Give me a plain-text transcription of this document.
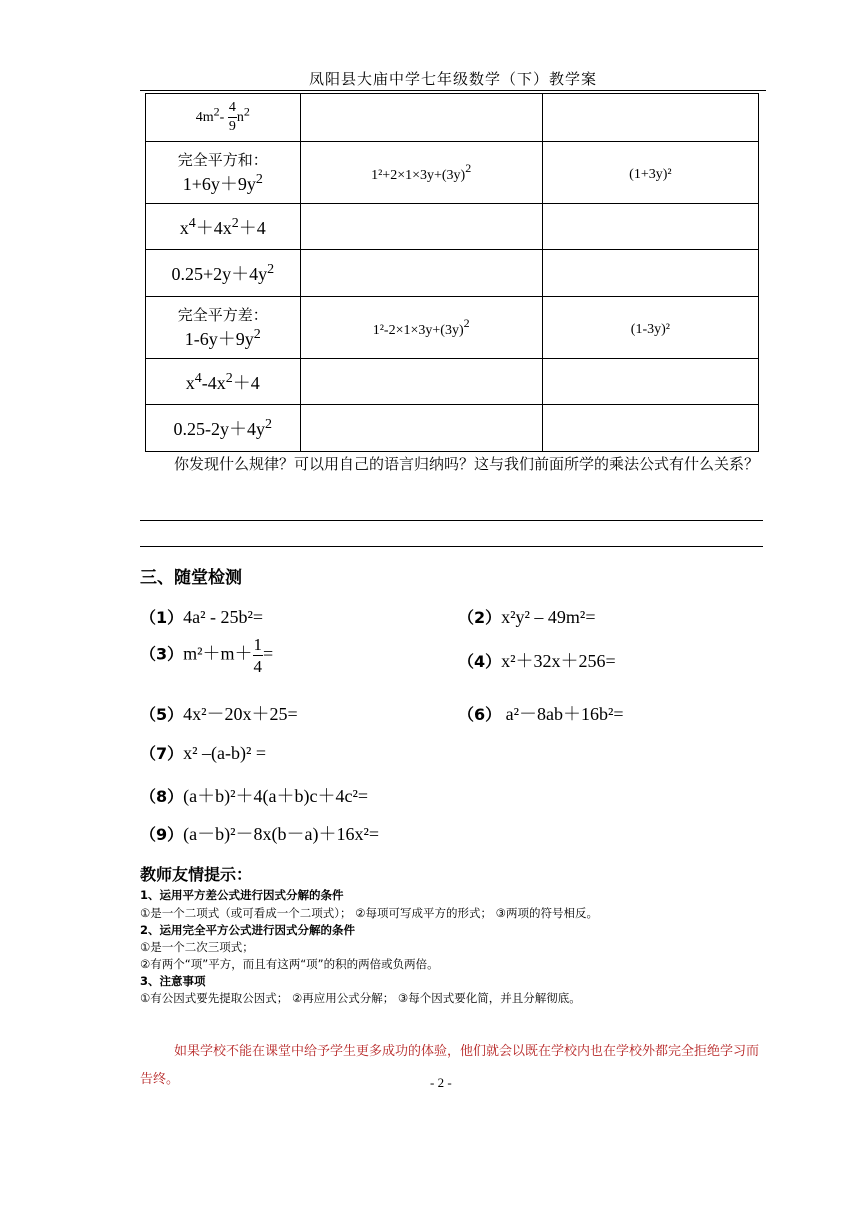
凤阳县大庙中学七年级数学（下）教学案
$4m^2- \frac{4}{9} n^2$		

完全平方和：
$1+6y+9y^2$	$1^2+2\times 1\times 3y+(3y)^2$	(1+3y)²
$x^4+4x^2+4$		
$0.25+2y+4y^2$		

完全平方差：
$1-6y+9y^2$	$1^2-2\times 1\times 3y+(3y)^2$	(1-3y)²
$x^4-4x^2+4$		
$0.25-2y+4y^2$		
你发现什么规律？可以用自己的语言归纳吗？这与我们前面所学的乘法公式有什么关系？
三、随堂检测
（1）4a² - 25b²=	（2）x²y² – 49m²=
$(3)m^2+m+ \frac{1}{4}$ =	（4）x²＋32x＋256=
（5）4x²－20x＋25=	（6） a²－8ab＋16b²=
（7）x² –(a-b)² =
（8）(a＋b)²＋4(a＋b)c＋4c²=
（9）(a－b)²－8x(b－a)＋16x²=
教师友情提示：
1、运用平方差公式进行因式分解的条件
①是一个二项式（或可看成一个二项式）； ②每项可写成平方的形式； ③两项的符号相反。
2、运用完全平方公式进行因式分解的条件
①是一个二次三项式；
②有两个“项”平方，而且有这两“项”的积的两倍或负两倍。
3、注意事项
①有公因式要先提取公因式； ②再应用公式分解； ③每个因式要化简，并且分解彻底。
如果学校不能在课堂中给予学生更多成功的体验，他们就会以既在学校内也在学校外都完全拒绝学习而告终。	- 2 -
